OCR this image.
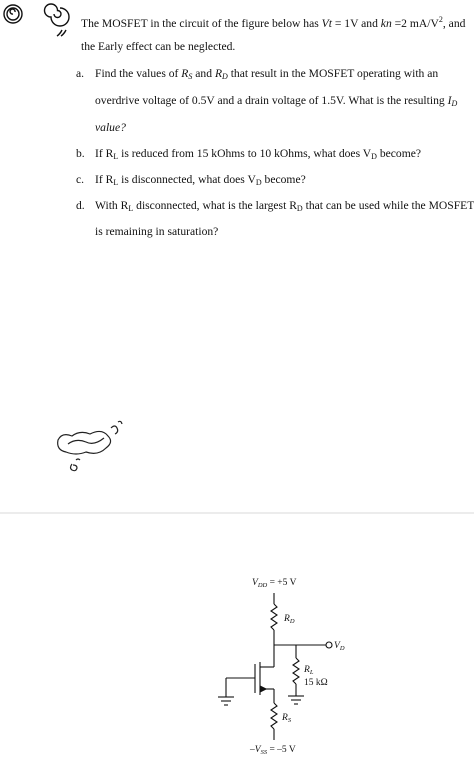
The MOSFET in the circuit of the figure below has Vt = 1V and kn =2 $mA/V^2$, and
the Early effect can be neglected.
a. Find the values of $R_S$ and $R_D$ that result in the MOSFET operating with an
overdrive voltage of 0.5V and a drain voltage of 1.5V. What is the resulting $I_D$
value?
b. If $R_L$ is reduced from 15 kOhms to 10 kOhms, what does $V_D$ become?
c. If $R_L$ is disconnected, what does $V_D$ become?
d. With $R_L$ disconnected, what is the largest $R_D$ that can be used while the MOSFET
is remaining in saturation?
$V_{DD} = +5$ V
$R_D$
$V_D$
$R_L$
15 kΩ
$R_S$
$-V_{SS} = -5$ V
